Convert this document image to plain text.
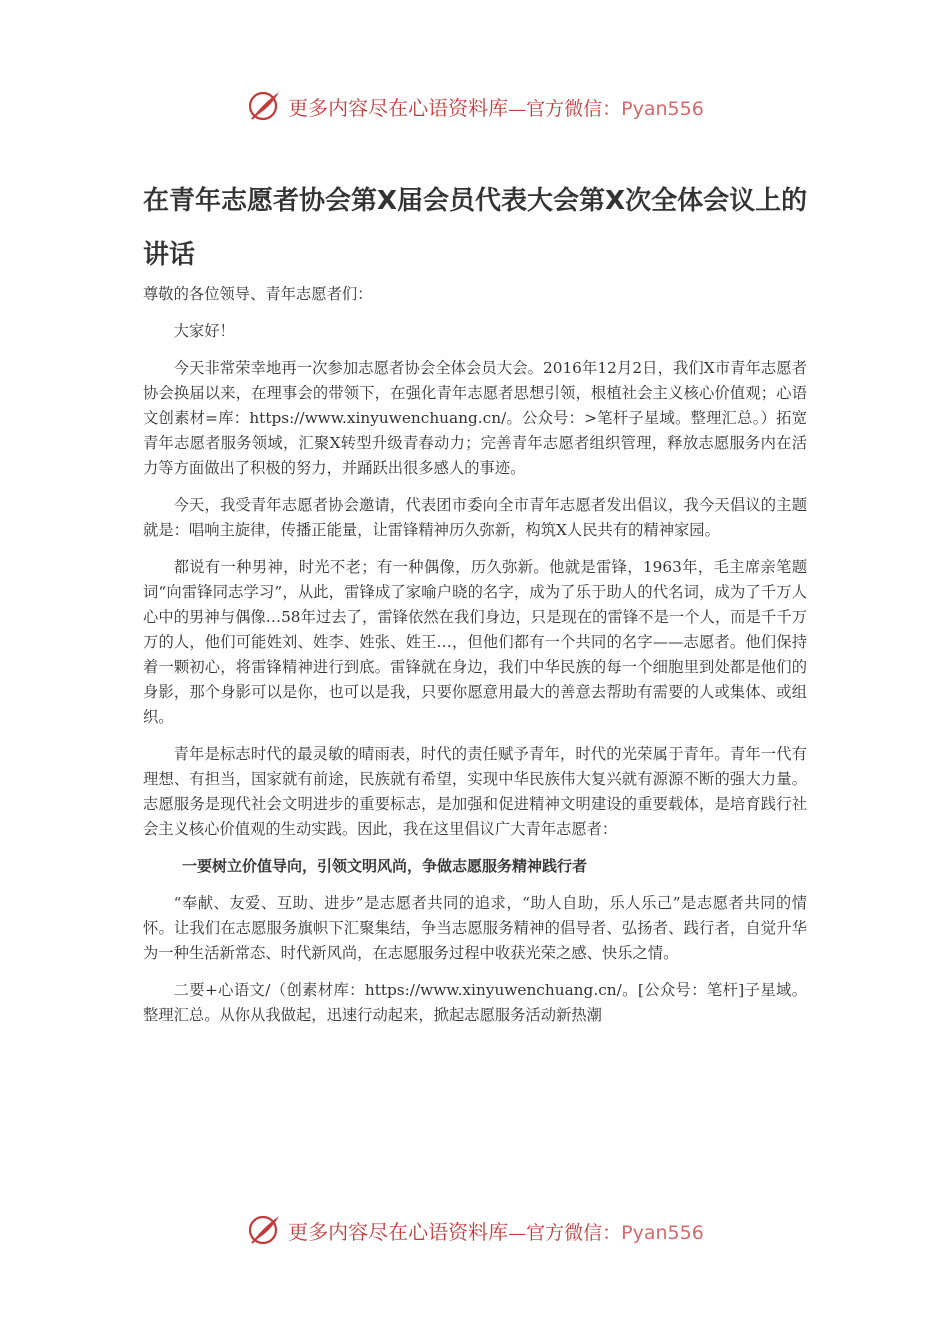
更多内容尽在心语资料库—官方微信：Pyan556
在青年志愿者协会第X届会员代表大会第X次全体会议上的讲话

尊敬的各位领导、青年志愿者们：

大家好！

今天非常荣幸地再一次参加志愿者协会全体会员大会。2016年12月2日，我们X市青年志愿者协会换届以来，在理事会的带领下，在强化青年志愿者思想引领，根植社会主义核心价值观；心语文创素材=库：https://www.xinyuwenchuang.cn/。公众号：>笔杆子星域。整理汇总。）拓宽青年志愿者服务领域，汇聚X转型升级青春动力；完善青年志愿者组织管理，释放志愿服务内在活力等方面做出了积极的努力，并踊跃出很多感人的事迹。

今天，我受青年志愿者协会邀请，代表团市委向全市青年志愿者发出倡议，我今天倡议的主题就是：唱响主旋律，传播正能量，让雷锋精神历久弥新，构筑X人民共有的精神家园。

都说有一种男神，时光不老；有一种偶像，历久弥新。他就是雷锋，1963年，毛主席亲笔题词“向雷锋同志学习”，从此，雷锋成了家喻户晓的名字，成为了乐于助人的代名词，成为了千万人心中的男神与偶像…58年过去了，雷锋依然在我们身边，只是现在的雷锋不是一个人，而是千千万万的人，他们可能姓刘、姓李、姓张、姓王…，但他们都有一个共同的名字——志愿者。他们保持着一颗初心，将雷锋精神进行到底。雷锋就在身边，我们中华民族的每一个细胞里到处都是他们的身影，那个身影可以是你，也可以是我，只要你愿意用最大的善意去帮助有需要的人或集体、或组织。

青年是标志时代的最灵敏的晴雨表，时代的责任赋予青年，时代的光荣属于青年。青年一代有理想、有担当，国家就有前途，民族就有希望，实现中华民族伟大复兴就有源源不断的强大力量。志愿服务是现代社会文明进步的重要标志，是加强和促进精神文明建设的重要载体，是培育践行社会主义核心价值观的生动实践。因此，我在这里倡议广大青年志愿者：

一要树立价值导向，引领文明风尚，争做志愿服务精神践行者

“奉献、友爱、互助、进步”是志愿者共同的追求，“助人自助，乐人乐己”是志愿者共同的情怀。让我们在志愿服务旗帜下汇聚集结，争当志愿服务精神的倡导者、弘扬者、践行者，自觉升华为一种生活新常态、时代新风尚，在志愿服务过程中收获光荣之感、快乐之情。

二要+心语文/（创素材库：https://www.xinyuwenchuang.cn/。[公众号：笔杆]子星域。整理汇总。从你从我做起，迅速行动起来，掀起志愿服务活动新热潮

更多内容尽在心语资料库—官方微信：Pyan556
